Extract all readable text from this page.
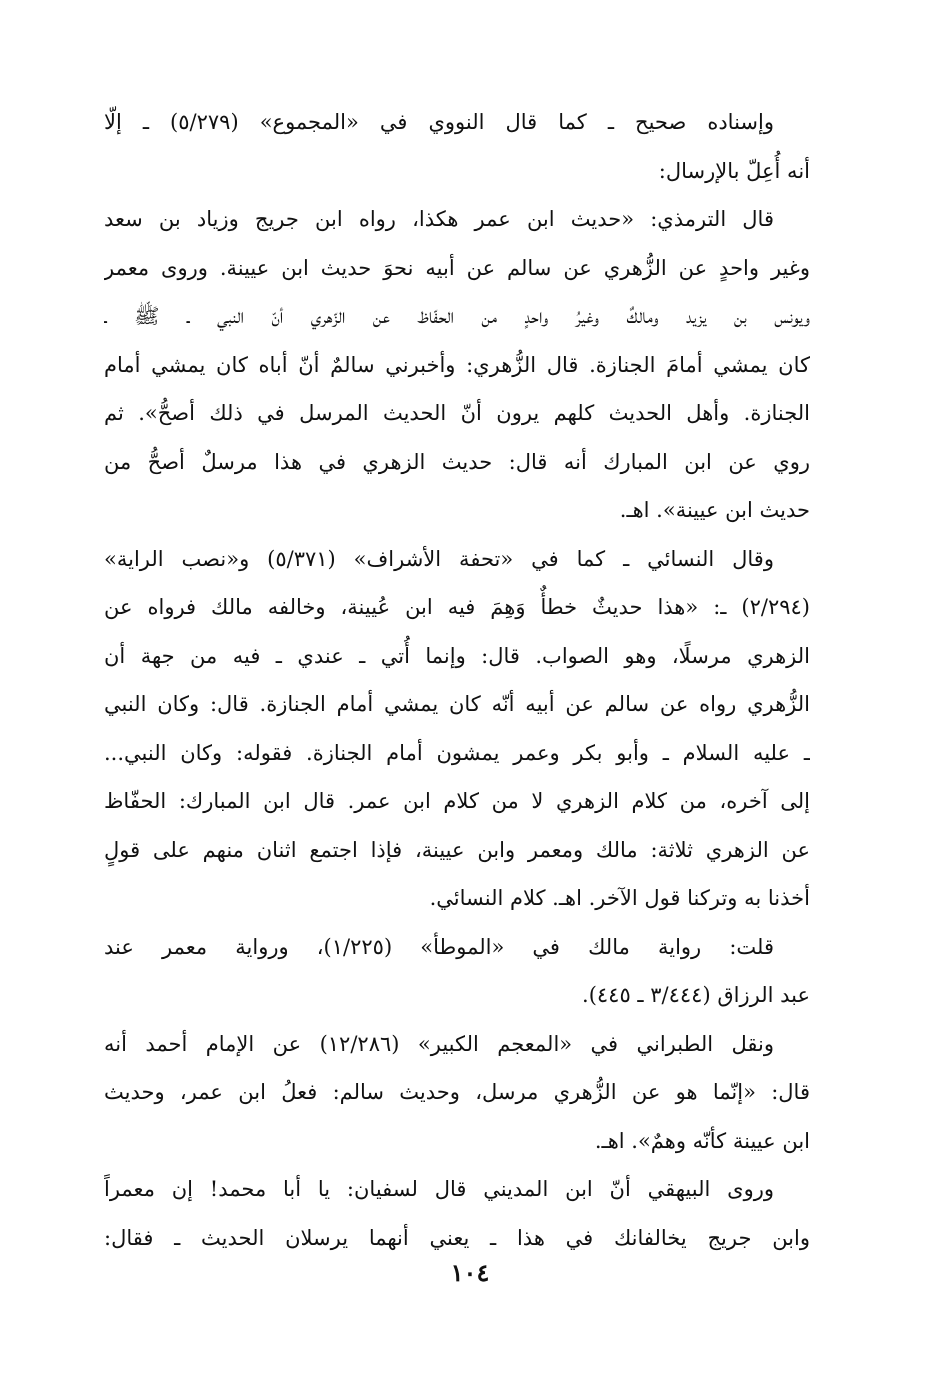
وإسناده صحيح ـ كما قال النووي في «المجموع» (٥/٢٧٩) ـ إلّا
أنه أُعِلّ بالإرسال:

قال الترمذي: «حديث ابن عمر هكذا، رواه ابن جريج وزياد بن سعد
وغير واحدٍ عن الزُّهري عن سالم عن أبيه نحوَ حديث ابن عيينة. وروى معمر
ويونس بن يزيد ومالكٌ وغيرُ واحدٍ من الحفّاظ عن الزّهري أنّ النبي ـ ﷺ ـ
كان يمشي أمامَ الجنازة. قال الزُّهري: وأخبرني سالمٌ أنّ أباه كان يمشي أمام
الجنازة. وأهل الحديث كلهم يرون أنّ الحديث المرسل في ذلك أصحُّ». ثم
روي عن ابن المبارك أنه قال: حديث الزهري في هذا مرسلٌ أصحُّ من
حديث ابن عيينة». اهـ.

وقال النسائي ـ كما في «تحفة الأشراف» (٥/٣٧١) و«نصب الراية»
(٢/٢٩٤) ـ: «هذا حديثٌ خطأٌ وَهِمَ فيه ابن عُيينة، وخالفه مالك فرواه عن
الزهري مرسلًا، وهو الصواب. قال: وإنما أُتي ـ عندي ـ فيه من جهة أن
الزُّهري رواه عن سالم عن أبيه أنّه كان يمشي أمام الجنازة. قال: وكان النبي
ـ عليه السلام ـ وأبو بكر وعمر يمشون أمام الجنازة. فقوله: وكان النبي...
إلى آخره، من كلام الزهري لا من كلام ابن عمر. قال ابن المبارك: الحفّاظ
عن الزهري ثلاثة: مالك ومعمر وابن عيينة، فإذا اجتمع اثنان منهم على قولٍ
أخذنا به وتركنا قول الآخر. اهـ. كلام النسائي.

قلت: رواية مالك في «الموطأ» (١/٢٢٥)، ورواية معمر عند
عبد الرزاق (٣/٤٤٤ ـ ٤٤٥).

ونقل الطبراني في «المعجم الكبير» (١٢/٢٨٦) عن الإمام أحمد أنه
قال: «إنّما هو عن الزُّهري مرسل، وحديث سالم: فعلُ ابن عمر، وحديث
ابن عيينة كأنّه وهمٌ». اهـ.

وروى البيهقي أنّ ابن المديني قال لسفيان: يا أبا محمد! إن معمراً
وابن جريج يخالفانك في هذا ـ يعني أنهما يرسلان الحديث ـ فقال:

١٠٤
